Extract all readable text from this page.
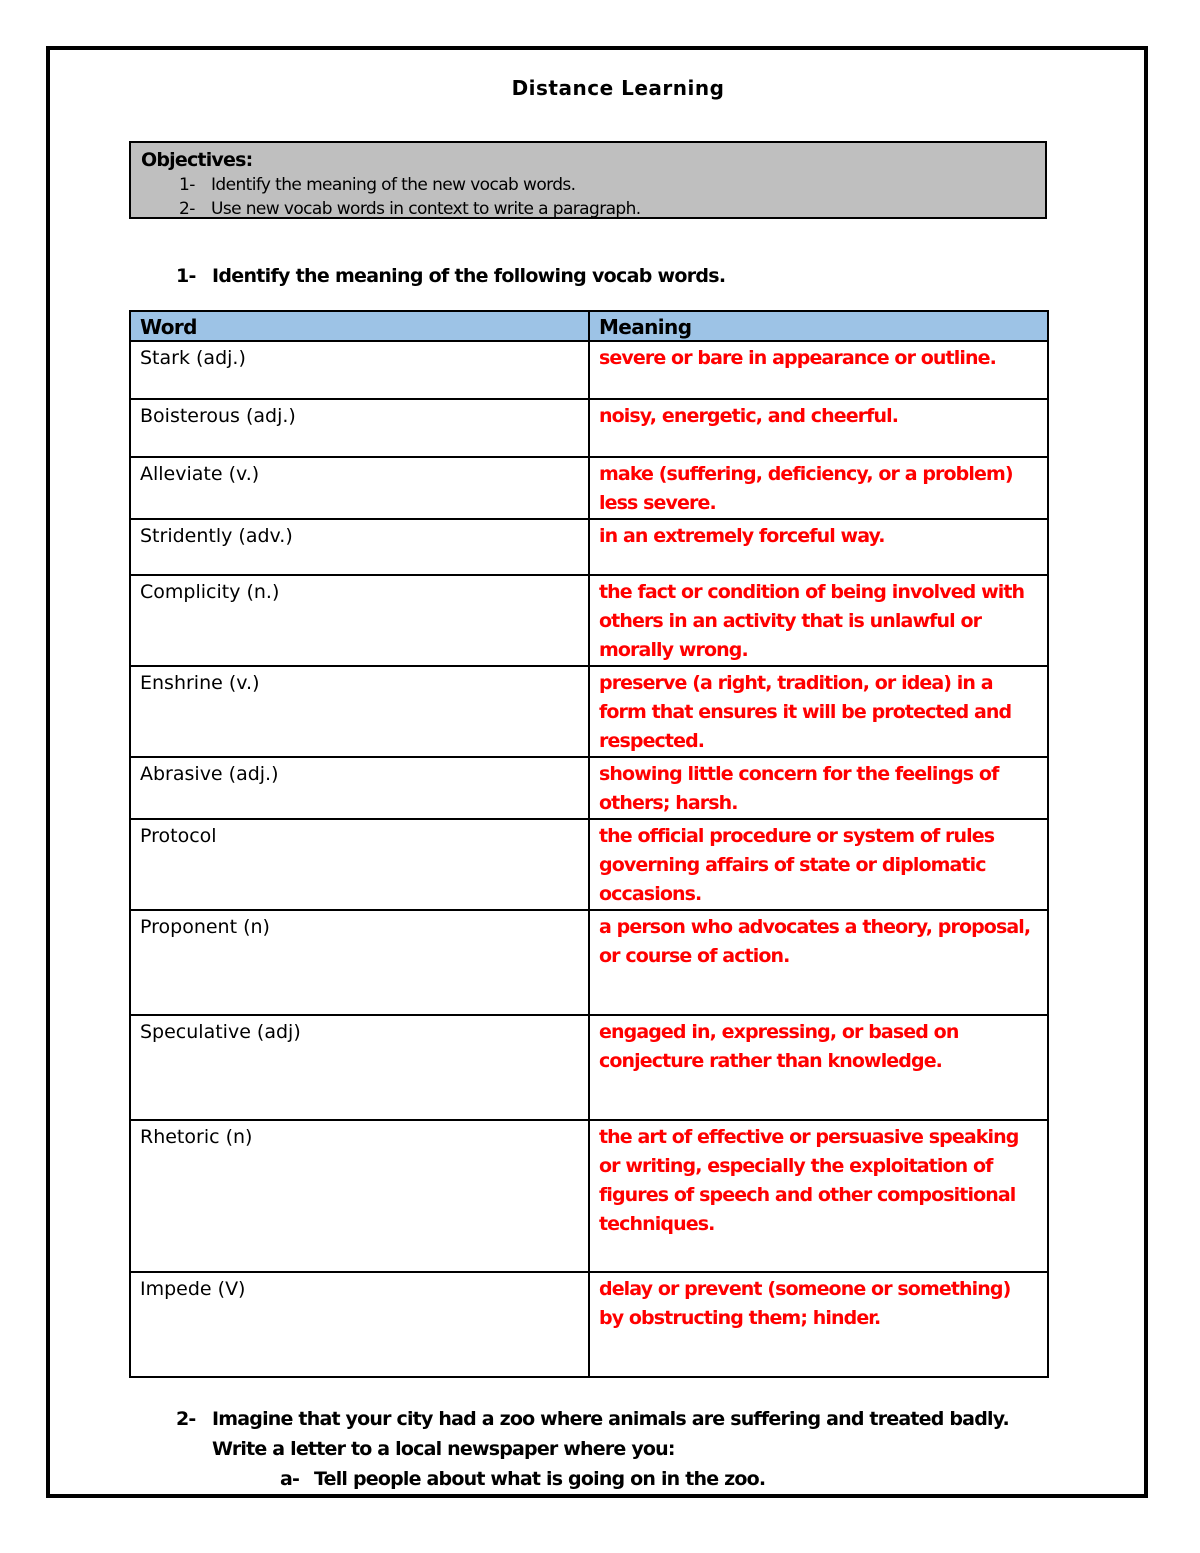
Distance Learning
Objectives:
1- Identify the meaning of the new vocab words.
2- Use new vocab words in context to write a paragraph.
1- Identify the meaning of the following vocab words.
Word	Meaning
Stark (adj.)	severe or bare in appearance or outline.
Boisterous (adj.)	noisy, energetic, and cheerful.
Alleviate (v.)	make (suffering, deficiency, or a problem) less severe.
Stridently (adv.)	in an extremely forceful way.
Complicity (n.)	the fact or condition of being involved with others in an activity that is unlawful or morally wrong.
Enshrine (v.)	preserve (a right, tradition, or idea) in a form that ensures it will be protected and respected.
Abrasive (adj.)	showing little concern for the feelings of others; harsh.
Protocol	the official procedure or system of rules governing affairs of state or diplomatic occasions.
Proponent (n)	a person who advocates a theory, proposal, or course of action.
Speculative (adj)	engaged in, expressing, or based on conjecture rather than knowledge.
Rhetoric (n)	the art of effective or persuasive speaking or writing, especially the exploitation of figures of speech and other compositional techniques.
Impede (V)	delay or prevent (someone or something) by obstructing them; hinder.
2- Imagine that your city had a zoo where animals are suffering and treated badly.
Write a letter to a local newspaper where you:
a- Tell people about what is going on in the zoo.
